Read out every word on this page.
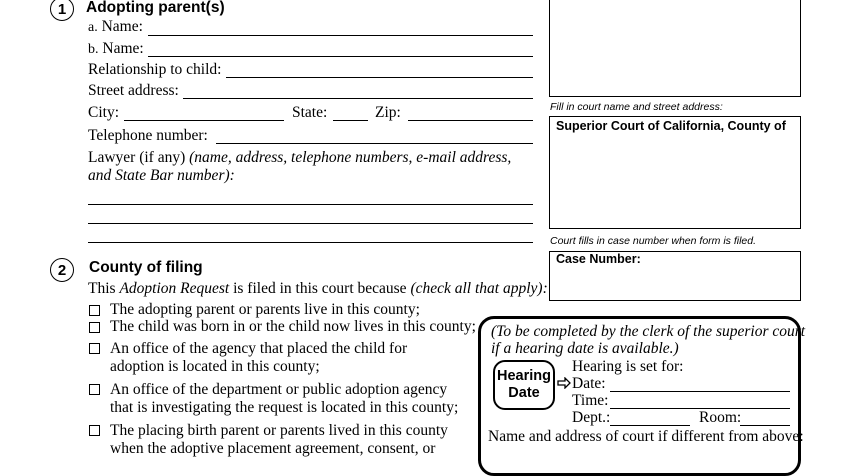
1	Adopting parent(s)
a. Name:
b. Name:
Relationship to child:
Street address:
City:	State:	Zip:
Telephone number:
Lawyer (if any) (name, address, telephone numbers, e-mail address,
and State Bar number):
Fill in court name and street address:
Superior Court of California, County of
Court fills in case number when form is filed.
Case Number:
2	County of filing
This Adoption Request is filed in this court because (check all that apply):
The adopting parent or parents live in this county;
The child was born in or the child now lives in this county;
An office of the agency that placed the child for
adoption is located in this county;
An office of the department or public adoption agency
that is investigating the request is located in this county;
The placing birth parent or parents lived in this county
when the adoptive placement agreement, consent, or
(To be completed by the clerk of the superior court
if a hearing date is available.)
Hearing
Date
Hearing is set for:
Date:
Time:
Dept.:	Room:
Name and address of court if different from above:
